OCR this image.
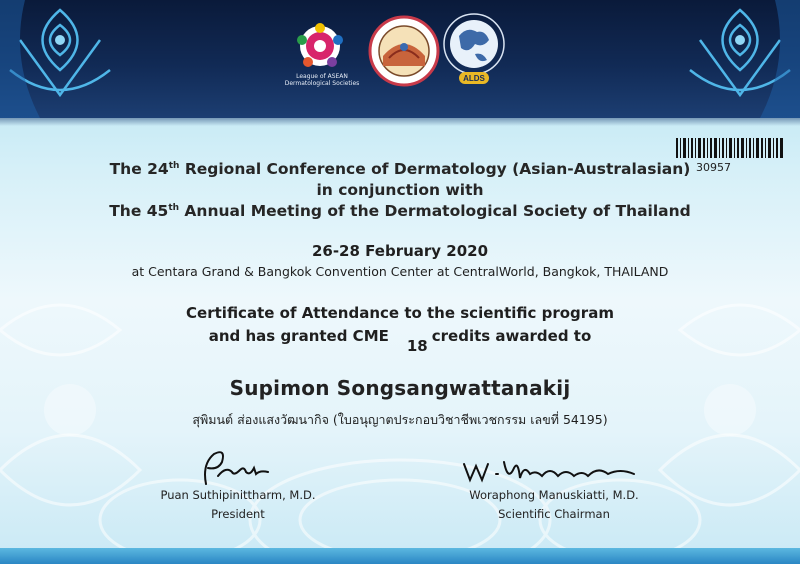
League of ASEAN
Dermatological Societies
ALDS
30957
The 24th Regional Conference of Dermatology (Asian-Australasian)
in conjunction with
The 45th Annual Meeting of the Dermatological Society of Thailand
26-28 February 2020
at Centara Grand & Bangkok Convention Center at CentralWorld, Bangkok, THAILAND
Certificate of Attendance to the scientific program
and has granted CME18credits awarded to
Supimon Songsangwattanakij
สุพิมนต์ ส่องแสงวัฒนากิจ (ใบอนุญาตประกอบวิชาชีพเวชกรรม เลขที่ 54195)
Puan Suthipinittharm, M.D.
President
Woraphong Manuskiatti, M.D.
Scientific Chairman
